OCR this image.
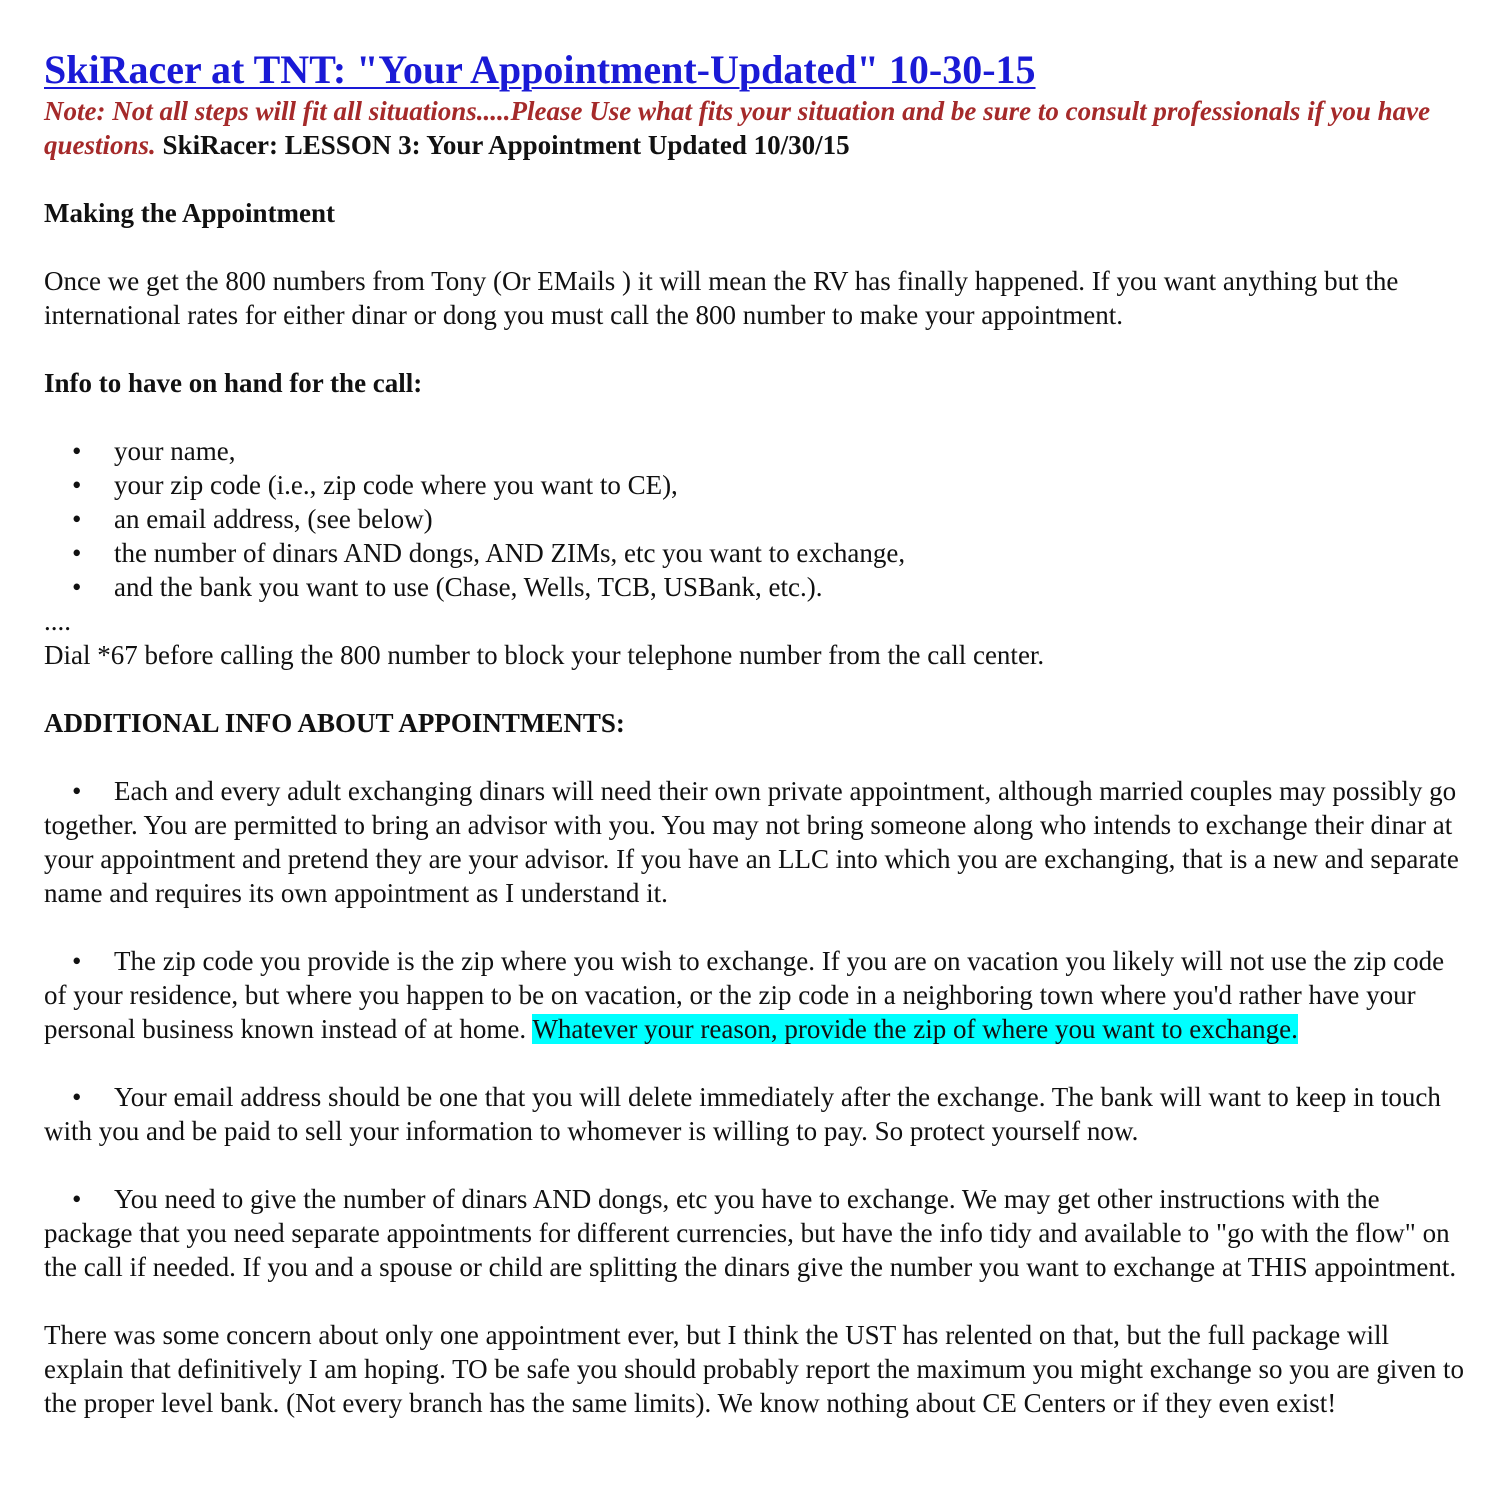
SkiRacer at TNT: "Your Appointment-Updated" 10-30-15

Note: Not all steps will fit all situations.....Please Use what fits your situation and be sure to consult professionals if you have questions. SkiRacer: LESSON 3: Your Appointment Updated 10/30/15

Making the Appointment

Once we get the 800 numbers from Tony (Or EMails ) it will mean the RV has finally happened. If you want anything but the international rates for either dinar or dong you must call the 800 number to make your appointment.

Info to have on hand for the call:

• your name,
• your zip code (i.e., zip code where you want to CE),
• an email address, (see below)
• the number of dinars AND dongs, AND ZIMs, etc you want to exchange,
• and the bank you want to use (Chase, Wells, TCB, USBank, etc.).

....

Dial *67 before calling the 800 number to block your telephone number from the call center.

ADDITIONAL INFO ABOUT APPOINTMENTS:

• Each and every adult exchanging dinars will need their own private appointment, although married couples may possibly go together. You are permitted to bring an advisor with you. You may not bring someone along who intends to exchange their dinar at your appointment and pretend they are your advisor. If you have an LLC into which you are exchanging, that is a new and separate name and requires its own appointment as I understand it.

• The zip code you provide is the zip where you wish to exchange. If you are on vacation you likely will not use the zip code of your residence, but where you happen to be on vacation, or the zip code in a neighboring town where you'd rather have your personal business known instead of at home. Whatever your reason, provide the zip of where you want to exchange.

• Your email address should be one that you will delete immediately after the exchange. The bank will want to keep in touch with you and be paid to sell your information to whomever is willing to pay. So protect yourself now.

• You need to give the number of dinars AND dongs, etc you have to exchange. We may get other instructions with the package that you need separate appointments for different currencies, but have the info tidy and available to "go with the flow" on the call if needed. If you and a spouse or child are splitting the dinars give the number you want to exchange at THIS appointment.

There was some concern about only one appointment ever, but I think the UST has relented on that, but the full package will explain that definitively I am hoping. TO be safe you should probably report the maximum you might exchange so you are given to the proper level bank. (Not every branch has the same limits). We know nothing about CE Centers or if they even exist!
